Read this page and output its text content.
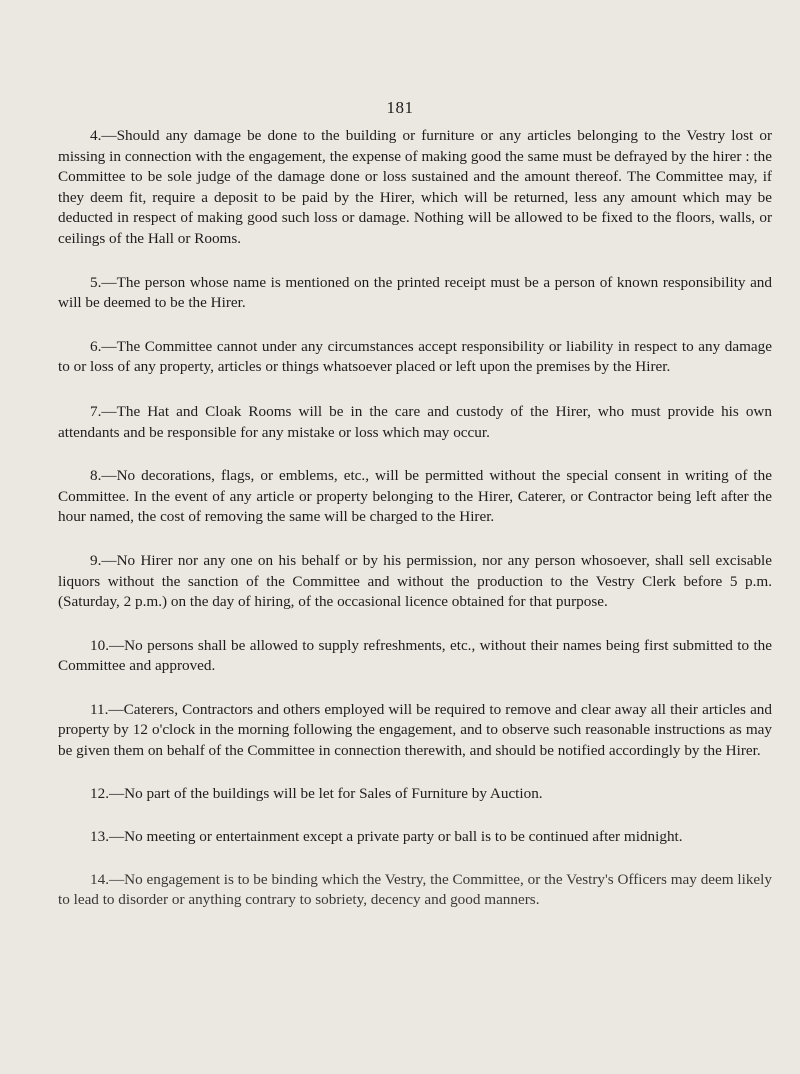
181

4.—Should any damage be done to the building or furniture or any articles belonging to the Vestry lost or missing in connection with the engagement, the expense of making good the same must be defrayed by the hirer : the Committee to be sole judge of the damage done or loss sustained and the amount thereof. The Committee may, if they deem fit, require a deposit to be paid by the Hirer, which will be returned, less any amount which may be deducted in respect of making good such loss or damage. Nothing will be allowed to be fixed to the floors, walls, or ceilings of the Hall or Rooms.

5.—The person whose name is mentioned on the printed receipt must be a person of known responsibility and will be deemed to be the Hirer.

6.—The Committee cannot under any circumstances accept responsibility or liability in respect to any damage to or loss of any property, articles or things whatsoever placed or left upon the premises by the Hirer.

7.—The Hat and Cloak Rooms will be in the care and custody of the Hirer, who must provide his own attendants and be responsible for any mistake or loss which may occur.

8.—No decorations, flags, or emblems, etc., will be permitted without the special consent in writing of the Committee. In the event of any article or property belonging to the Hirer, Caterer, or Contractor being left after the hour named, the cost of removing the same will be charged to the Hirer.

9.—No Hirer nor any one on his behalf or by his permission, nor any person whosoever, shall sell excisable liquors without the sanction of the Committee and without the production to the Vestry Clerk before 5 p.m. (Saturday, 2 p.m.) on the day of hiring, of the occasional licence obtained for that purpose.

10.—No persons shall be allowed to supply refreshments, etc., without their names being first submitted to the Committee and approved.

11.—Caterers, Contractors and others employed will be required to remove and clear away all their articles and property by 12 o'clock in the morning following the engagement, and to observe such reasonable instructions as may be given them on behalf of the Committee in connection therewith, and should be notified accordingly by the Hirer.

12.—No part of the buildings will be let for Sales of Furniture by Auction.

13.—No meeting or entertainment except a private party or ball is to be continued after midnight.

14.—No engagement is to be binding which the Vestry, the Committee, or the Vestry's Officers may deem likely to lead to disorder or anything contrary to sobriety, decency and good manners.
